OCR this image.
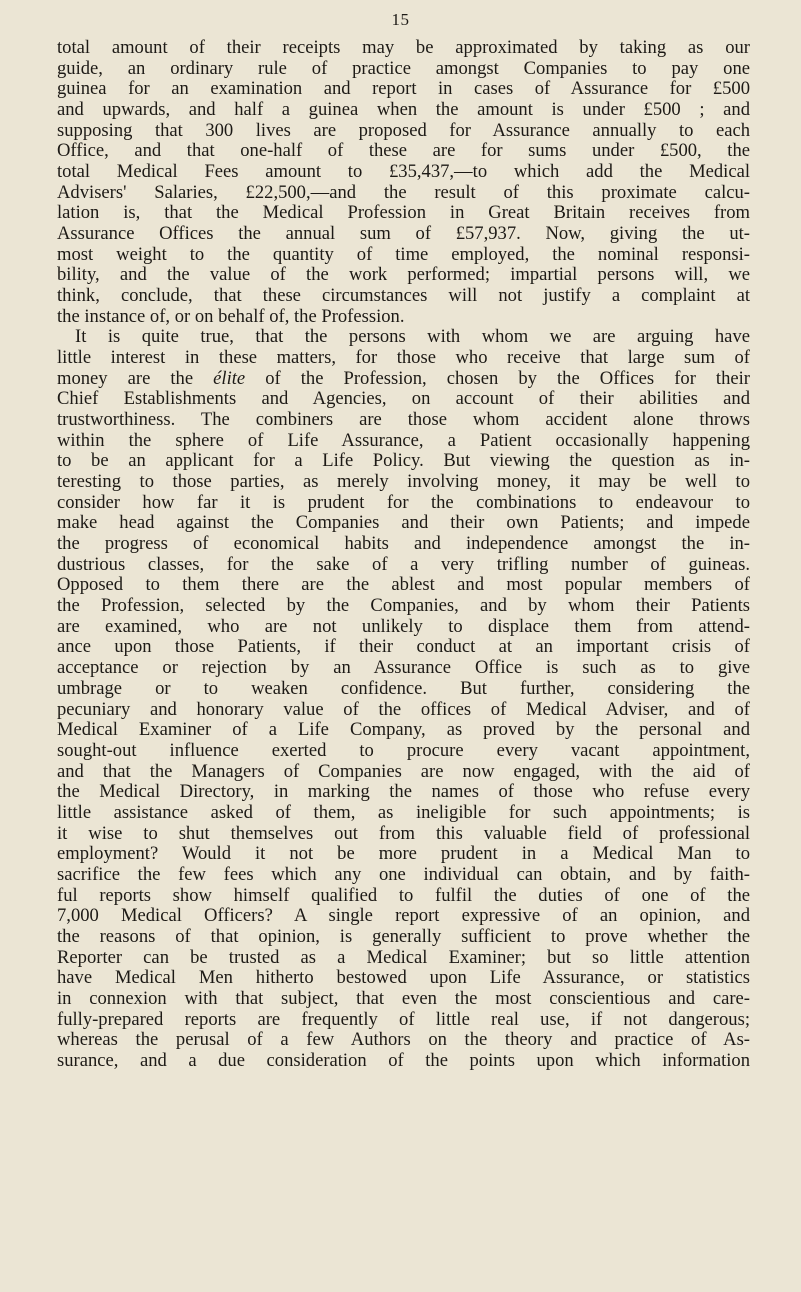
15
total amount of their receipts may be approximated by taking as our
guide, an ordinary rule of practice amongst Companies to pay one
guinea for an examination and report in cases of Assurance for £500
and upwards, and half a guinea when the amount is under £500 ; and
supposing that 300 lives are proposed for Assurance annually to each
Office, and that one-half of these are for sums under £500, the
total Medical Fees amount to £35,437,—to which add the Medical
Advisers' Salaries, £22,500,—and the result of this proximate calcu-
lation is, that the Medical Profession in Great Britain receives from
Assurance Offices the annual sum of £57,937. Now, giving the ut-
most weight to the quantity of time employed, the nominal responsi-
bility, and the value of the work performed; impartial persons will, we
think, conclude, that these circumstances will not justify a complaint at
the instance of, or on behalf of, the Profession.
It is quite true, that the persons with whom we are arguing have
little interest in these matters, for those who receive that large sum of
money are the élite of the Profession, chosen by the Offices for their
Chief Establishments and Agencies, on account of their abilities and
trustworthiness. The combiners are those whom accident alone throws
within the sphere of Life Assurance, a Patient occasionally happening
to be an applicant for a Life Policy. But viewing the question as in-
teresting to those parties, as merely involving money, it may be well to
consider how far it is prudent for the combinations to endeavour to
make head against the Companies and their own Patients; and impede
the progress of economical habits and independence amongst the in-
dustrious classes, for the sake of a very trifling number of guineas.
Opposed to them there are the ablest and most popular members of
the Profession, selected by the Companies, and by whom their Patients
are examined, who are not unlikely to displace them from attend-
ance upon those Patients, if their conduct at an important crisis of
acceptance or rejection by an Assurance Office is such as to give
umbrage or to weaken confidence. But further, considering the
pecuniary and honorary value of the offices of Medical Adviser, and of
Medical Examiner of a Life Company, as proved by the personal and
sought-out influence exerted to procure every vacant appointment,
and that the Managers of Companies are now engaged, with the aid of
the Medical Directory, in marking the names of those who refuse every
little assistance asked of them, as ineligible for such appointments; is
it wise to shut themselves out from this valuable field of professional
employment? Would it not be more prudent in a Medical Man to
sacrifice the few fees which any one individual can obtain, and by faith-
ful reports show himself qualified to fulfil the duties of one of the
7,000 Medical Officers? A single report expressive of an opinion, and
the reasons of that opinion, is generally sufficient to prove whether the
Reporter can be trusted as a Medical Examiner; but so little attention
have Medical Men hitherto bestowed upon Life Assurance, or statistics
in connexion with that subject, that even the most conscientious and care-
fully-prepared reports are frequently of little real use, if not dangerous;
whereas the perusal of a few Authors on the theory and practice of As-
surance, and a due consideration of the points upon which information
